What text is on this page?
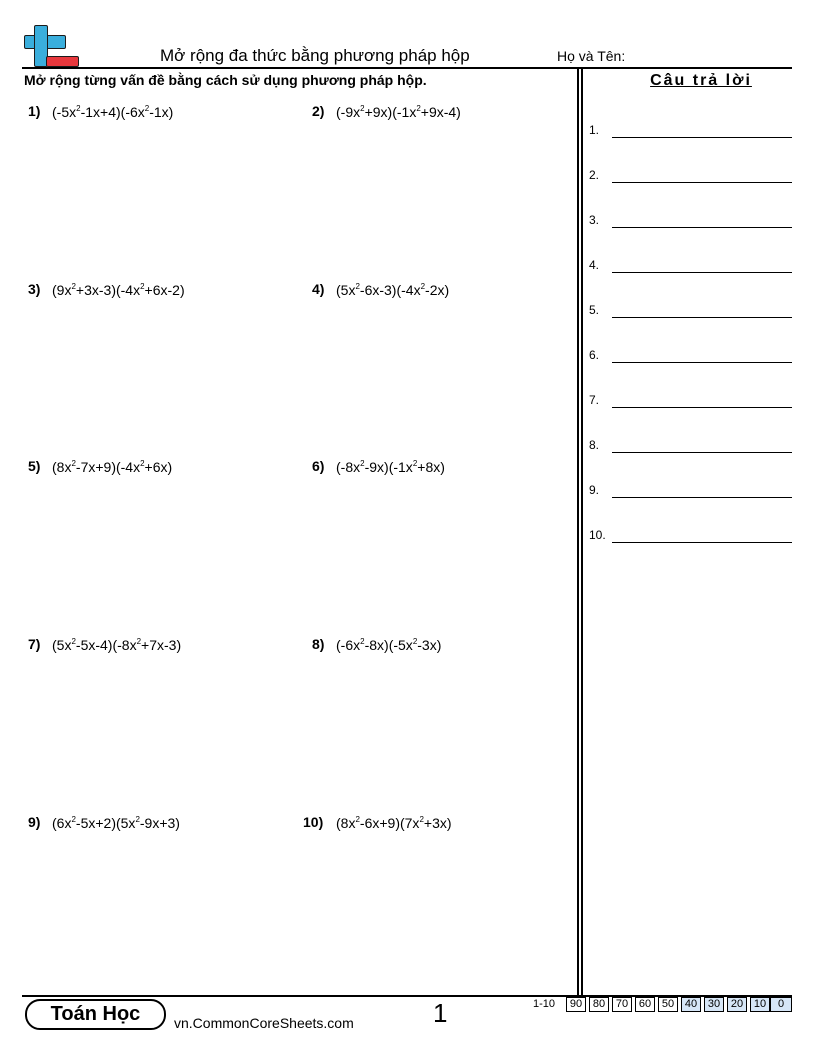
Mở rộng đa thức bằng phương pháp hộp	Họ và Tên:
Mở rộng từng vấn đề bằng cách sử dụng phương pháp hộp.	Câu trả lời
1.
2.
3.
4.
5.
6.
7.
8.
9.
10.
1) $(-5x^2-1x+4)(-6x^2-1x)$	2) $(-9x^2+9x)(-1x^2+9x-4)$
3) $(9x^2+3x-3)(-4x^2+6x-2)$	4) $(5x^2-6x-3)(-4x^2-2x)$
5) $(8x^2-7x+9)(-4x^2+6x)$	6) $(-8x^2-9x)(-1x^2+8x)$
7) $(5x^2-5x-4)(-8x^2+7x-3)$	8) $(-6x^2-8x)(-5x^2-3x)$
9) $(6x^2-5x+2)(5x^2-9x+3)$	10) $(8x^2-6x+9)(7x^2+3x)$
Toán Học	vn.CommonCoreSheets.com	1	1-10	90 80 70 60 50 40 30 20 10	0
